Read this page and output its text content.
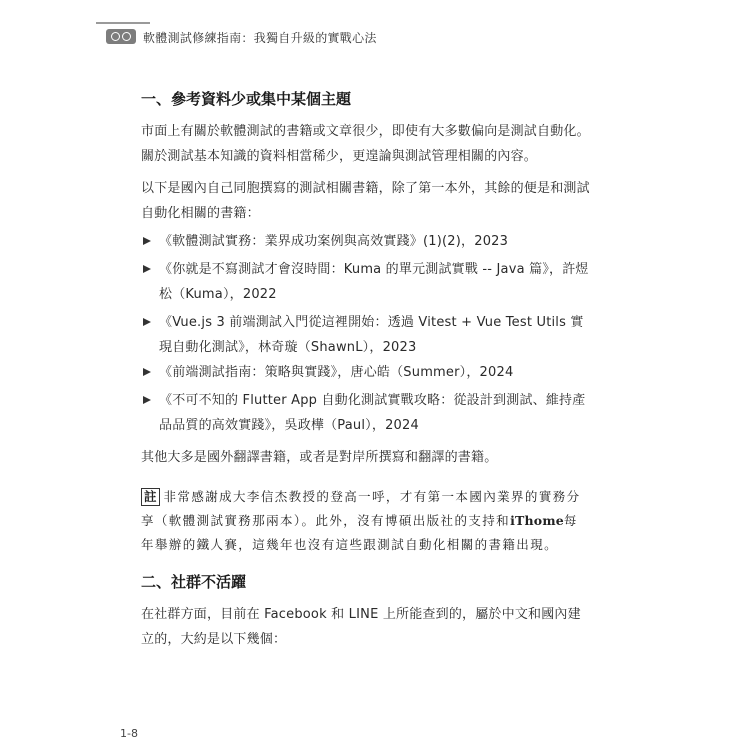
軟體測試修練指南：我獨自升級的實戰心法
一、參考資料少或集中某個主題
市面上有關於軟體測試的書籍或文章很少，即使有大多數偏向是測試自動化。關於測試基本知識的資料相當稀少，更遑論與測試管理相關的內容。
以下是國內自己同胞撰寫的測試相關書籍，除了第一本外，其餘的便是和測試自動化相關的書籍：
《軟體測試實務：業界成功案例與高效實踐》(1)(2)，2023
《你就是不寫測試才會沒時間：Kuma 的單元測試實戰 -- Java 篇》，許煜松（Kuma），2022
《Vue.js 3 前端測試入門從這裡開始：透過 Vitest + Vue Test Utils 實現自動化測試》，林奇璇（ShawnL），2023
《前端測試指南：策略與實踐》，唐心皓（Summer），2024
《不可不知的 Flutter App 自動化測試實戰攻略：從設計到測試、維持產品品質的高效實踐》，吳政樺（Paul），2024
其他大多是國外翻譯書籍，或者是對岸所撰寫和翻譯的書籍。
註 非常感謝成大李信杰教授的登高一呼，才有第一本國內業界的實務分享（軟體測試實務那兩本）。此外，沒有博碩出版社的支持和iThome每年舉辦的鐵人賽，這幾年也沒有這些跟測試自動化相關的書籍出現。
二、社群不活躍
在社群方面，目前在 Facebook 和 LINE 上所能查到的，屬於中文和國內建立的，大約是以下幾個：
1-8
